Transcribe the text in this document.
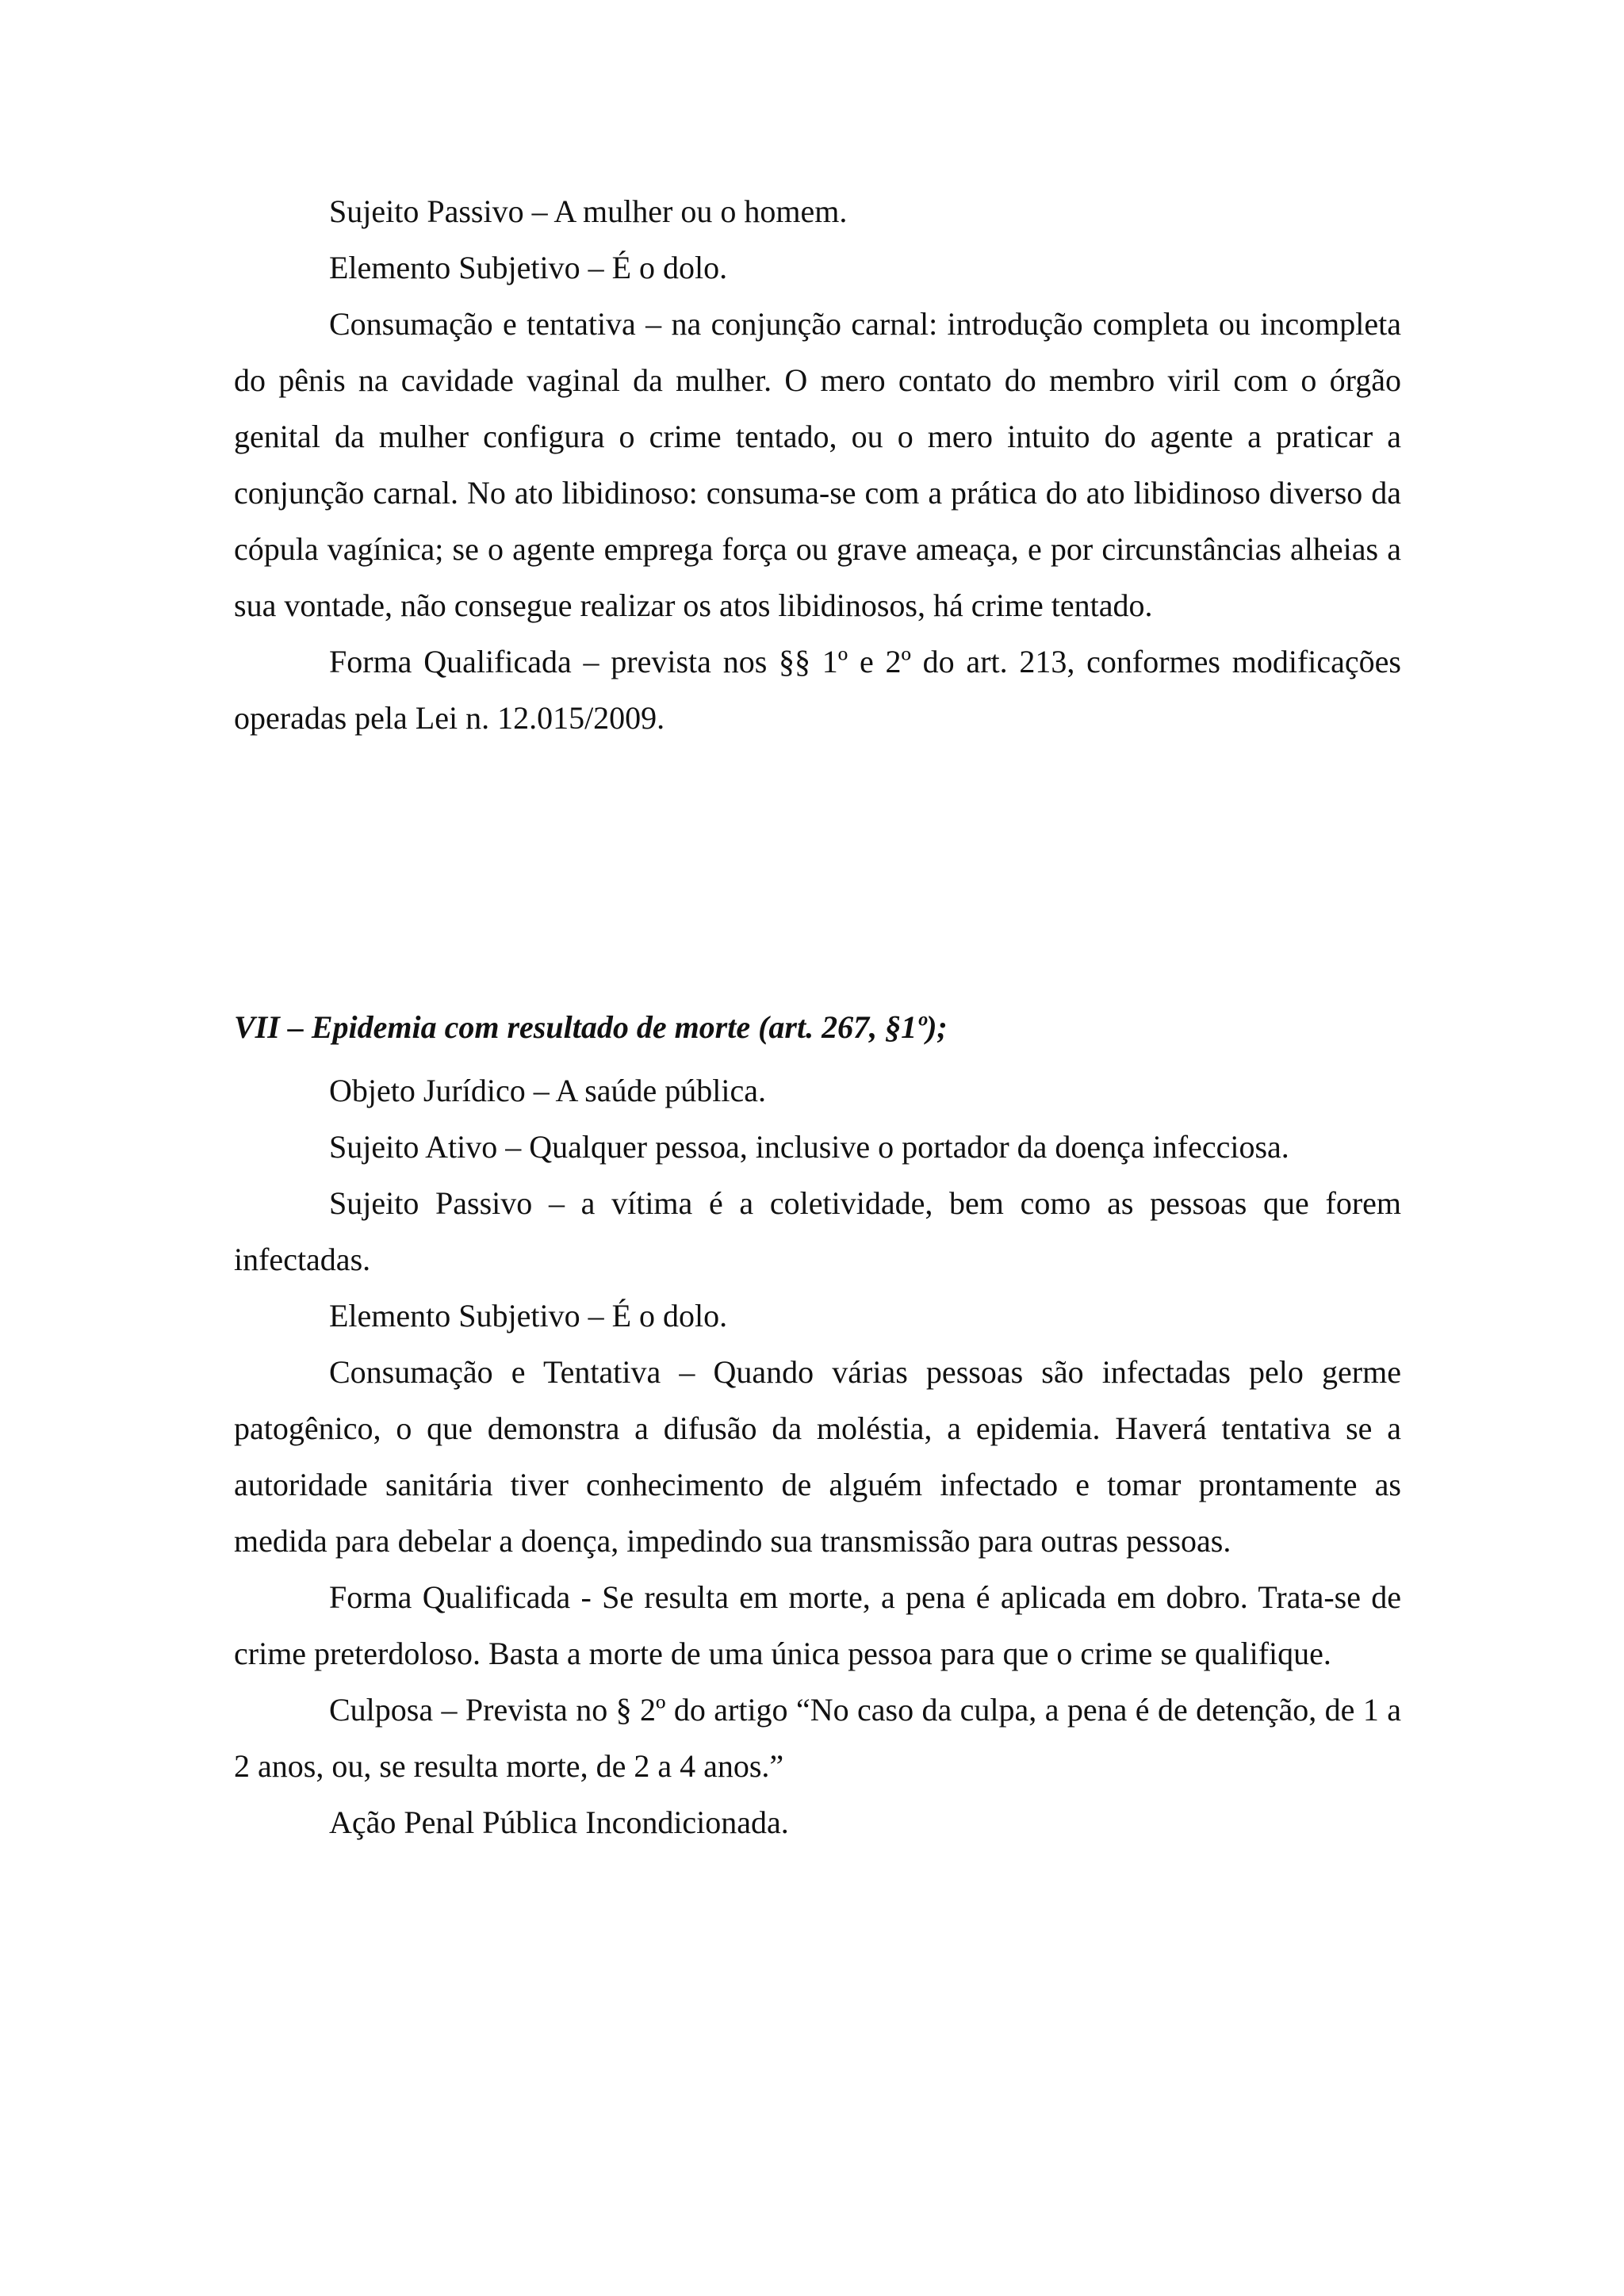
Sujeito Passivo – A mulher ou o homem.

Elemento Subjetivo – É o dolo.

Consumação e tentativa – na conjunção carnal: introdução completa ou incompleta do pênis na cavidade vaginal da mulher. O mero contato do membro viril com o órgão genital da mulher configura o crime tentado, ou o mero intuito do agente a praticar a conjunção carnal. No ato libidinoso: consuma-se com a prática do ato libidinoso diverso da cópula vagínica; se o agente emprega força ou grave ameaça, e por circunstâncias alheias a sua vontade, não consegue realizar os atos libidinosos, há crime tentado.

Forma Qualificada – prevista nos §§ 1º e 2º do art. 213, conformes modificações operadas pela Lei n. 12.015/2009.

VII – Epidemia com resultado de morte (art. 267, §1º);

Objeto Jurídico – A saúde pública.

Sujeito Ativo – Qualquer pessoa, inclusive o portador da doença infecciosa.

Sujeito Passivo – a vítima é a coletividade, bem como as pessoas que forem infectadas.

Elemento Subjetivo – É o dolo.

Consumação e Tentativa – Quando várias pessoas são infectadas pelo germe patogênico, o que demonstra a difusão da moléstia, a epidemia. Haverá tentativa se a autoridade sanitária tiver conhecimento de alguém infectado e tomar prontamente as medida para debelar a doença, impedindo sua transmissão para outras pessoas.

Forma Qualificada - Se resulta em morte, a pena é aplicada em dobro. Trata-se de crime preterdoloso. Basta a morte de uma única pessoa para que o crime se qualifique.

Culposa – Prevista no § 2º do artigo “No caso da culpa, a pena é de detenção, de 1 a 2 anos, ou, se resulta morte, de 2 a 4 anos.”

Ação Penal Pública Incondicionada.
